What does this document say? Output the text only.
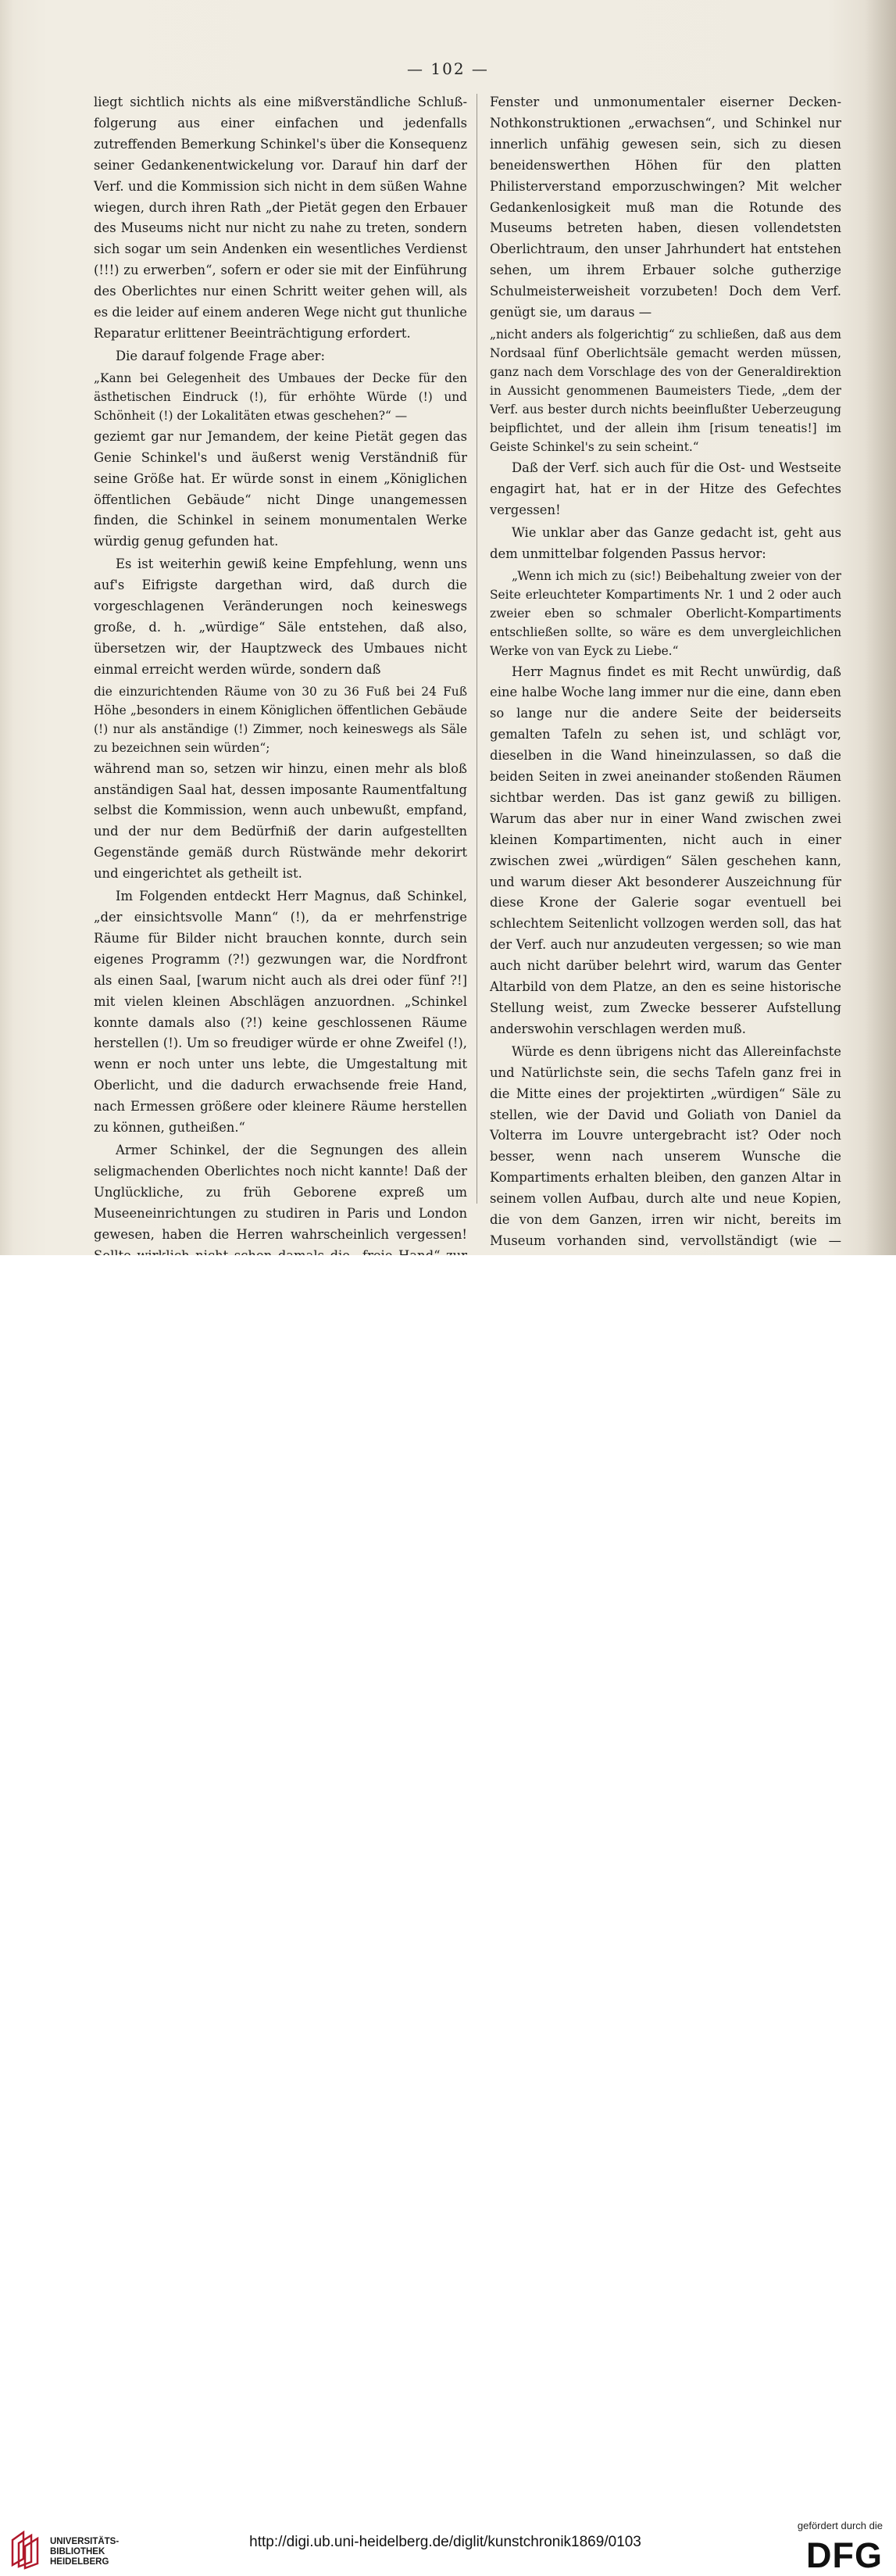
— 102 —

liegt sichtlich nichts als eine mißverständliche Schluß-folgerung aus einer einfachen und jedenfalls zutreffenden Bemerkung Schinkel's über die Konsequenz seiner Gedankenentwickelung vor. Darauf hin darf der Verf. und die Kommission sich nicht in dem süßen Wahne wiegen, durch ihren Rath „der Pietät gegen den Erbauer des Museums nicht nur nicht zu nahe zu treten, sondern sich sogar um sein Andenken ein wesentliches Verdienst (!!!) zu erwerben“, sofern er oder sie mit der Einführung des Oberlichtes nur einen Schritt weiter gehen will, als es die leider auf einem anderen Wege nicht gut thunliche Reparatur erlittener Beeinträchtigung erfordert.

Die darauf folgende Frage aber:

„Kann bei Gelegenheit des Umbaues der Decke für den ästhetischen Eindruck (!), für erhöhte Würde (!) und Schönheit (!) der Lokalitäten etwas geschehen?“ —

geziemt gar nur Jemandem, der keine Pietät gegen das Genie Schinkel's und äußerst wenig Verständniß für seine Größe hat. Er würde sonst in einem „Königlichen öffentlichen Gebäude“ nicht Dinge unangemessen finden, die Schinkel in seinem monumentalen Werke würdig genug gefunden hat.

Es ist weiterhin gewiß keine Empfehlung, wenn uns auf's Eifrigste dargethan wird, daß durch die vorgeschlagenen Veränderungen noch keineswegs große, d. h. „würdige“ Säle entstehen, daß also, übersetzen wir, der Hauptzweck des Umbaues nicht einmal erreicht werden würde, sondern daß

die einzurichtenden Räume von 30 zu 36 Fuß bei 24 Fuß Höhe „besonders in einem Königlichen öffentlichen Gebäude (!) nur als anständige (!) Zimmer, noch keineswegs als Säle zu bezeichnen sein würden“;

während man so, setzen wir hinzu, einen mehr als bloß anständigen Saal hat, dessen imposante Raumentfaltung selbst die Kommission, wenn auch unbewußt, empfand, und der nur dem Bedürfniß der darin aufgestellten Gegenstände gemäß durch Rüstwände mehr dekorirt und eingerichtet als getheilt ist.

Im Folgenden entdeckt Herr Magnus, daß Schinkel, „der einsichtsvolle Mann“ (!), da er mehrfenstrige Räume für Bilder nicht brauchen konnte, durch sein eigenes Programm (?!) gezwungen war, die Nordfront als einen Saal, [warum nicht auch als drei oder fünf ?!] mit vielen kleinen Abschlägen anzuordnen. „Schinkel konnte damals also (?!) keine geschlossenen Räume herstellen (!). Um so freudiger würde er ohne Zweifel (!), wenn er noch unter uns lebte, die Umgestaltung mit Oberlicht, und die dadurch erwachsende freie Hand, nach Ermessen größere oder kleinere Räume herstellen zu können, gutheißen.“

Armer Schinkel, der die Segnungen des allein seligmachenden Oberlichtes noch nicht kannte! Daß der Unglückliche, zu früh Geborene expreß um Museeneinrichtungen zu studiren in Paris und London gewesen, haben die Herren wahrscheinlich vergessen!

Fenster und unmonumentaler eiserner Decken-Nothkonstruktionen „erwachsen“, und Schinkel nur innerlich unfähig gewesen sein, sich zu diesen beneidenswerthen Höhen für den platten Philisterverstand emporzuschwingen? Mit welcher Gedankenlosigkeit muß man die Rotunde des Museums betreten haben, diesen vollendetsten Oberlichtraum, den unser Jahrhundert hat entstehen sehen, um ihrem Erbauer solche gutherzige Schulmeisterweisheit vorzubeten! Doch dem Verf. genügt sie, um daraus —

„nicht anders als folgerichtig“ zu schließen, daß aus dem Nordsaal fünf Oberlichtsäle gemacht werden müssen, ganz nach dem Vorschlage des von der Generaldirektion in Aussicht genommenen Baumeisters Tiede, „dem der Verf. aus bester durch nichts beeinflußter Ueberzeugung beipflichtet, und der allein ihm [risum teneatis!] im Geiste Schinkel's zu sein scheint.“

Daß der Verf. sich auch für die Ost- und Westseite engagirt hat, hat er in der Hitze des Gefechtes vergessen!

Wie unklar aber das Ganze gedacht ist, geht aus dem unmittelbar folgenden Passus hervor:

„Wenn ich mich zu (sic!) Beibehaltung zweier von der Seite erleuchteter Kompartiments Nr. 1 und 2 oder auch zweier eben so schmaler Oberlicht-Kompartiments entschließen sollte, so wäre es dem unvergleichlichen Werke von van Eyck zu Liebe.“

Herr Magnus findet es mit Recht unwürdig, daß eine halbe Woche lang immer nur die eine, dann eben so lange nur die andere Seite der beiderseits gemalten Tafeln zu sehen ist, und schlägt vor, dieselben in die Wand hineinzulassen, so daß die beiden Seiten in zwei aneinander stoßenden Räumen sichtbar werden. Das ist ganz gewiß zu billigen. Warum das aber nur in einer Wand zwischen zwei kleinen Kompartimenten, nicht auch in einer zwischen zwei „würdigen“ Sälen geschehen kann, und warum dieser Akt besonderer Auszeichnung für diese Krone der Galerie sogar eventuell bei schlechtem Seitenlicht vollzogen werden soll, das hat der Verf. auch nur anzudeuten vergessen; so wie man auch nicht darüber belehrt wird, warum das Genter Altarbild von dem Platze, an den es seine historische Stellung weist, zum Zwecke besserer Aufstellung anderswohin verschlagen werden muß.

Würde es denn übrigens nicht das Allereinfachste und Natürlichste sein, die sechs Tafeln ganz frei in die Mitte eines der projektirten „würdigen“ Säle zu stellen, wie der David und Goliath von Daniel da Volterra im Louvre untergebracht ist? Oder noch besser, wenn nach unserem Wunsche die Kompartiments erhalten bleiben, den ganzen Altar in seinem vollen Aufbau, durch alte und neue Kopien, die von dem Ganzen, irren wir nicht, bereits im Museum vorhanden sind, vervollständigt (wie —

UNIVERSITÄTS-
BIBLIOTHEK
HEIDELBERG
http://digi.ub.uni-heidelberg.de/diglit/kunstchronik1869/0103
gefördert durch die
DFG
